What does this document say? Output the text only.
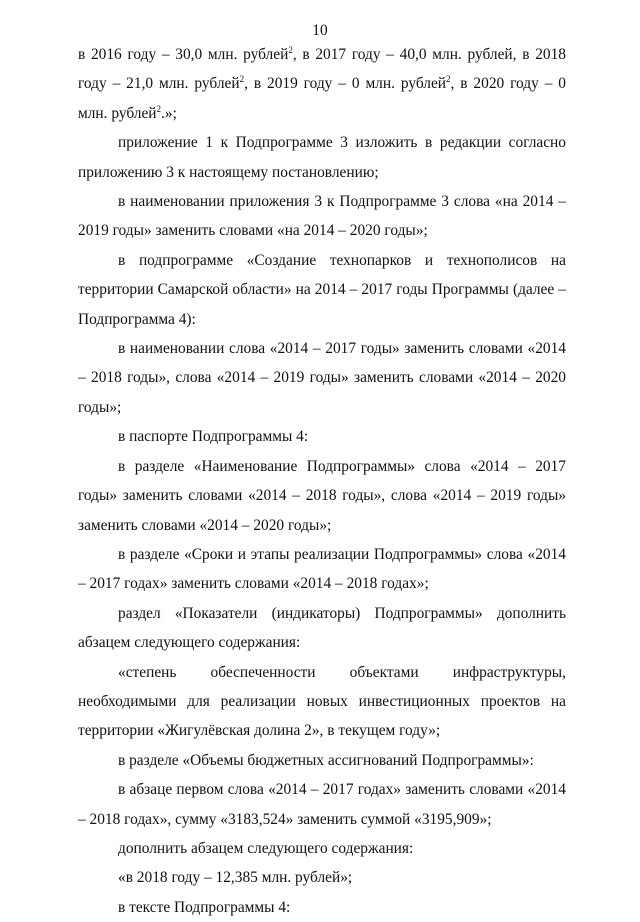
10

в 2016 году – 30,0 млн. рублей$^2$, в 2017 году – 40,0 млн. рублей, в 2018 году – 21,0 млн. рублей$^2$, в 2019 году – 0 млн. рублей$^2$, в 2020 году – 0 млн. рублей$^2$.»;

приложение 1 к Подпрограмме 3 изложить в редакции согласно приложению 3 к настоящему постановлению;

в наименовании приложения 3 к Подпрограмме 3 слова «на 2014 – 2019 годы» заменить словами «на 2014 – 2020 годы»;

в подпрограмме «Создание технопарков и технополисов на территории Самарской области» на 2014 – 2017 годы Программы (далее – Подпрограмма 4):

в наименовании слова «2014 – 2017 годы» заменить словами «2014 – 2018 годы», слова «2014 – 2019 годы» заменить словами «2014 – 2020 годы»;

в паспорте Подпрограммы 4:

в разделе «Наименование Подпрограммы» слова «2014 – 2017 годы» заменить словами «2014 – 2018 годы», слова «2014 – 2019 годы» заменить словами «2014 – 2020 годы»;

в разделе «Сроки и этапы реализации Подпрограммы» слова «2014 – 2017 годах» заменить словами «2014 – 2018 годах»;

раздел «Показатели (индикаторы) Подпрограммы» дополнить абзацем следующего содержания:

«степень обеспеченности объектами инфраструктуры, необходимыми для реализации новых инвестиционных проектов на территории «Жигулёвская долина 2», в текущем году»;

в разделе «Объемы бюджетных ассигнований Подпрограммы»:

в абзаце первом слова «2014 – 2017 годах» заменить словами «2014 – 2018 годах», сумму «3183,524» заменить суммой «3195,909»;

дополнить абзацем следующего содержания:

«в 2018 году – 12,385 млн. рублей»;

в тексте Подпрограммы 4:
